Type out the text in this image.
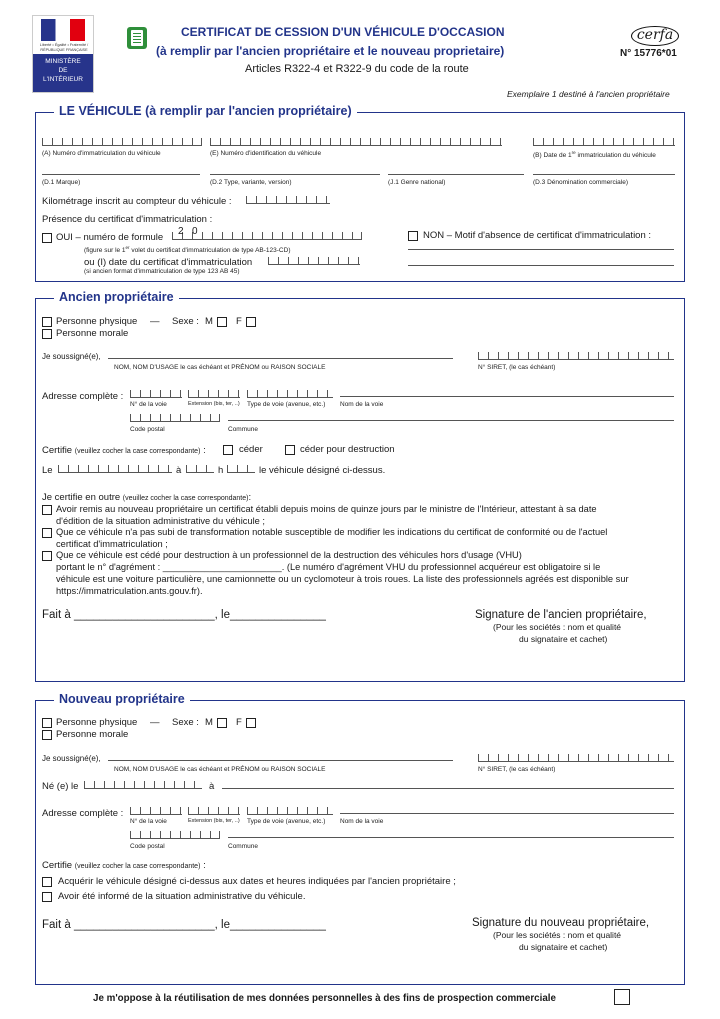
Liberté • Égalité • Fraternité / RÉPUBLIQUE FRANÇAISE
MINISTÈRE
DE
L'INTÉRIEUR
CERTIFICAT DE CESSION D'UN VÉHICULE D'OCCASION
(à remplir par l'ancien propriétaire et le nouveau proprietaire)
Articles R322-4 et R322-9 du code de la route
cerfa
N° 15776*01
Exemplaire 1 destiné à l'ancien propriétaire
LE VÉHICULE (à remplir par l'ancien propriétaire)
(A) Numéro d'immatriculation du véhicule	(E) Numéro d'identification du véhicule	(B) Date de 1re immatriculation du véhicule
(D.1 Marque)	(D.2 Type, variante, version)	(J.1 Genre national)	(D.3 Dénomination commerciale)
Kilométrage inscrit au compteur du véhicule :
Présence du certificat d'immatriculation :
OUI – numéro de formule
2 0
(figure sur le 1er volet du certificat d'immatriculation de type AB-123-CD)
ou (I) date du certificat d'immatriculation
(si ancien format d'immatriculation de type 123 AB 45)
NON – Motif d'absence de certificat d'immatriculation :
Ancien propriétaire
Personne physique — Sexe : M F
Personne morale
Je soussigné(e),
NOM, NOM D'USAGE le cas échéant et PRÉNOM ou RAISON SOCIALE	N° SIRET, (le cas échéant)
Adresse complète :
N° de la voie	Extension (bis, ter, ..) Type de voie (avenue, etc.) Nom de la voie
Code postal	Commune
Certifie (veuillez cocher la case correspondante) :	céder	céder pour destruction
Le	à	h	le véhicule désigné ci-dessus.
Je certifie en outre (veuillez cocher la case correspondante):
Avoir remis au nouveau propriétaire un certificat établi depuis moins de quinze jours par le ministre de l'Intérieur, attestant à sa date
d'édition de la situation administrative du véhicule ;
Que ce véhicule n'a pas subi de transformation notable susceptible de modifier les indications du certificat de conformité ou de l'actuel
certificat d'immatriculation ;
Que ce véhicule est cédé pour destruction à un professionnel de la destruction des véhicules hors d'usage (VHU)
portant le n° d'agrément : _______________________. (Le numéro d'agrément VHU du professionnel acquéreur est obligatoire si le
véhicule est une voiture particulière, une camionnette ou un cyclomoteur à trois roues. La liste des professionnels agréés est disponible sur
https://immatriculation.ants.gouv.fr).
Fait à ______________________, le_______________	Signature de l'ancien propriétaire,
(Pour les sociétés : nom et qualité
du signataire et cachet)
Nouveau propriétaire
Personne physique — Sexe : M F
Personne morale
Je soussigné(e),
NOM, NOM D'USAGE le cas échéant et PRÉNOM ou RAISON SOCIALE	N° SIRET, (le cas échéant)
Né (e) le	à
Adresse complète :
N° de la voie	Extension (bis, ter, ..) Type de voie (avenue, etc.) Nom de la voie
Code postal	Commune
Certifie (veuillez cocher la case correspondante) :
Acquérir le véhicule désigné ci-dessus aux dates et heures indiquées par l'ancien propriétaire ;
Avoir été informé de la situation administrative du véhicule.
Fait à ______________________, le_______________	Signature du nouveau propriétaire,
(Pour les sociétés : nom et qualité
du signataire et cachet)
Je m'oppose à la réutilisation de mes données personnelles à des fins de prospection commerciale
